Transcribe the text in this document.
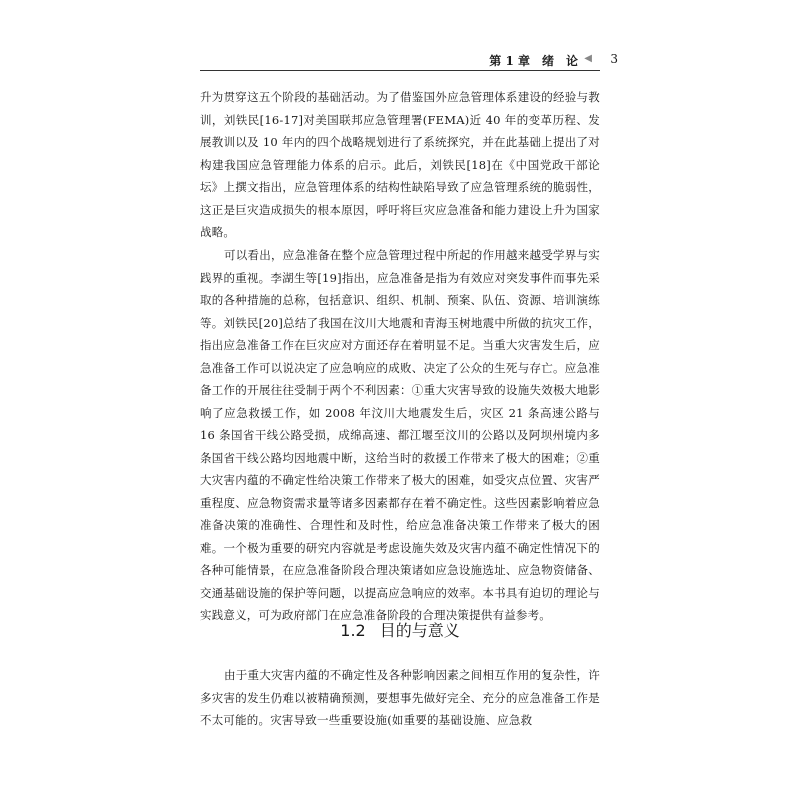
第 1 章　绪　论 ◀ 3
升为贯穿这五个阶段的基础活动。为了借鉴国外应急管理体系建设的经验与教训，刘铁民[16-17]对美国联邦应急管理署(FEMA)近 40 年的变革历程、发展教训以及 10 年内的四个战略规划进行了系统探究，并在此基础上提出了对构建我国应急管理能力体系的启示。此后，刘铁民[18]在《中国党政干部论坛》上撰文指出，应急管理体系的结构性缺陷导致了应急管理系统的脆弱性，这正是巨灾造成损失的根本原因，呼吁将巨灾应急准备和能力建设上升为国家战略。
可以看出，应急准备在整个应急管理过程中所起的作用越来越受学界与实践界的重视。李湖生等[19]指出，应急准备是指为有效应对突发事件而事先采取的各种措施的总称，包括意识、组织、机制、预案、队伍、资源、培训演练等。刘铁民[20]总结了我国在汶川大地震和青海玉树地震中所做的抗灾工作，指出应急准备工作在巨灾应对方面还存在着明显不足。当重大灾害发生后，应急准备工作可以说决定了应急响应的成败、决定了公众的生死与存亡。应急准备工作的开展往往受制于两个不利因素：①重大灾害导致的设施失效极大地影响了应急救援工作，如 2008 年汶川大地震发生后，灾区 21 条高速公路与 16 条国省干线公路受损，成绵高速、都江堰至汶川的公路以及阿坝州境内多条国省干线公路均因地震中断，这给当时的救援工作带来了极大的困难；②重大灾害内蕴的不确定性给决策工作带来了极大的困难，如受灾点位置、灾害严重程度、应急物资需求量等诸多因素都存在着不确定性。这些因素影响着应急准备决策的准确性、合理性和及时性，给应急准备决策工作带来了极大的困难。一个极为重要的研究内容就是考虑设施失效及灾害内蕴不确定性情况下的各种可能情景，在应急准备阶段合理决策诸如应急设施选址、应急物资储备、交通基础设施的保护等问题，以提高应急响应的效率。本书具有迫切的理论与实践意义，可为政府部门在应急准备阶段的合理决策提供有益参考。
1.2 目的与意义
由于重大灾害内蕴的不确定性及各种影响因素之间相互作用的复杂性，许多灾害的发生仍难以被精确预测，要想事先做好完全、充分的应急准备工作是不太可能的。灾害导致一些重要设施(如重要的基础设施、应急救
